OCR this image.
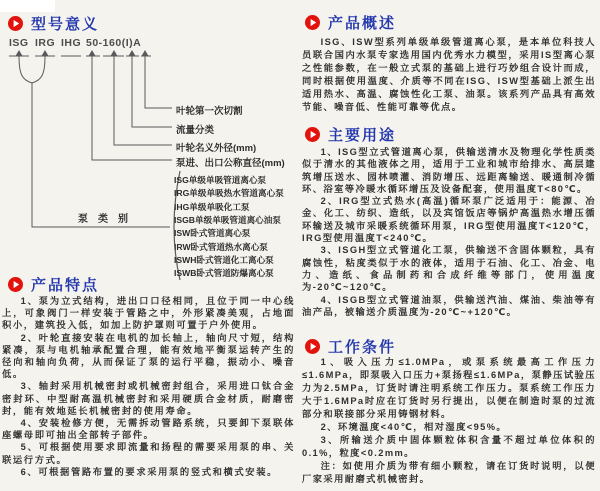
型号意义
ISG IRG IHG 50-160(I)A
叶轮第一次切割
流量分类
叶轮名义外径(mm)
泵进、出口公称直径(mm)
泵类别
ISG单级单吸管道离心泵
IRG单级单吸热水管道离心泵
IHG单级单吸化工泵
ISGB单级单吸管道离心油泵
ISW卧式管道离心泵
IRW卧式管道热水离心泵
ISWH卧式管道化工离心泵
ISWB卧式管道防爆离心泵
产品特点

1、泵为立式结构，进出口口径相同，且位于同一中心线上，可象阀门一样安装于管路之中，外形紧凑美观，占地面积小，建筑投入低，如加上防护罩则可置于户外使用。

2、叶轮直接安装在电机的加长轴上，轴向尺寸短，结构紧凑，泵与电机轴承配置合理，能有效地平衡泵运转产生的径向和轴向负荷，从而保证了泵的运行平稳，振动小、噪音低。

3、轴封采用机械密封或机械密封组合，采用进口钛合金密封环、中型耐高温机械密封和采用硬质合金材质，耐磨密封，能有效地延长机械密封的使用寿命。

4、安装检修方便，无需拆动管路系统，只要卸下泵联体座螺母即可抽出全部转子部件。

5、可根据使用要求即流量和扬程的需要采用泵的串、关联运行方式。

6、可根据管路布置的要求采用泵的竖式和横式安装。

产品概述

ISG、ISW型系列单级单级管道离心泵，是本单位科技人员联合国内水泵专家选用国内优秀水力模型，采用IS型离心泵之性能参数，在一般立式泵的基础上进行巧妙组合设计而成，同时根据使用温度、介质等不同在ISG、ISW型基础上派生出适用热水、高温、腐蚀性化工泵、油泵。该系列产品具有高效节能、噪音低、性能可靠等优点。

主要用途

1、ISG型立式管道离心泵，供输送清水及物理化学性质类似于清水的其他液体之用，适用于工业和城市给排水、高层建筑增压送水、园林喷灌、消防增压、远距离输送、暖通制冷循环、浴室等冷暖水循环增压及设备配套，使用温度T<80℃。

2、IRG型立式热水(高温)循环泵广泛适用于：能源、冶金、化工、纺织、造纸，以及宾馆饭店等锅炉高温热水增压循环输送及城市采暖系统循环用泵，IRG型使用温度T<120℃，IRG型使用温度T<240℃。

3、ISGH型立式管道化工泵，供输送不含固体颗粒，具有腐蚀性，粘度类似于水的液体，适用于石油、化工、冶金、电力、造纸、食品制药和合成纤维等部门，使用温度为-20℃~120℃。

4、ISGB型立式管道油泵，供输送汽油、煤油、柴油等有油产品，被输送介质温度为-20℃~+120℃。

工作条件

1、吸入压力≤1.0MPa，或泵系统最高工作压力≤1.6MPa，即泵吸入口压力+泵扬程≤1.6MPa，泵静压试验压力为2.5MPa，订货时请注明系统工作压力。泵系统工作压力大于1.6MPa时应在订货时另行提出，以便在制造时泵的过流部分和联接部分采用铸钢材料。

2、环境温度<40℃，相对湿度<95%。

3、所输送介质中固体颗粒体积含量不超过单位体积的0.1%，粒度<0.2mm。

注：如使用介质为带有细小颗粒，请在订货时说明，以便厂家采用耐磨式机械密封。
